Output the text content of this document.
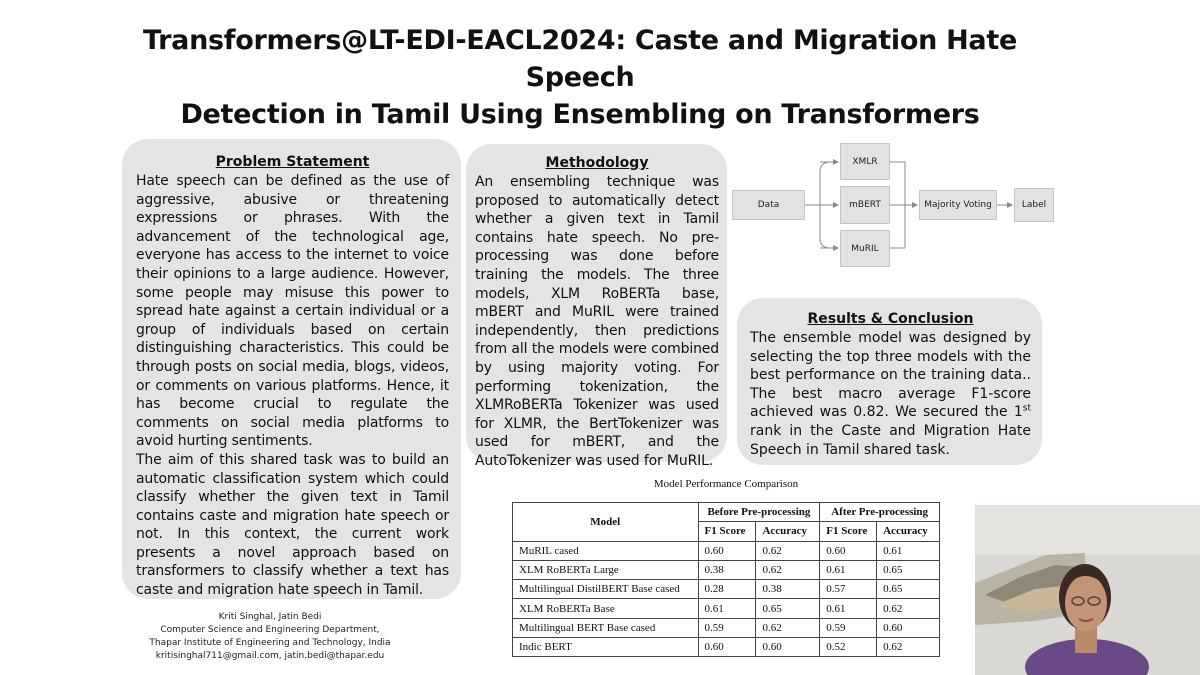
Transformers@LT-EDI-EACL2024: Caste and Migration Hate Speech
Detection in Tamil Using Ensembling on Transformers
Problem Statement

Hate speech can be defined as the use of aggressive, abusive or threatening expressions or phrases. With the advancement of the technological age, everyone has access to the internet to voice their opinions to a large audience. However, some people may misuse this power to spread hate against a certain individual or a group of individuals based on certain distinguishing characteristics. This could be through posts on social media, blogs, videos, or comments on various platforms. Hence, it has become crucial to regulate the comments on social media platforms to avoid hurting sentiments.

The aim of this shared task was to build an automatic classification system which could classify whether the given text in Tamil contains caste and migration hate speech or not. In this context, the current work presents a novel approach based on transformers to classify whether a text has caste and migration hate speech in Tamil.

Methodology
An ensembling technique was proposed to automatically detect whether a given text in Tamil contains hate speech. No pre-processing was done before training the models. The three models, XLM RoBERTa base, mBERT and MuRIL were trained independently, then predictions from all the models were combined by using majority voting. For performing tokenization, the XLMRoBERTa Tokenizer was used for XLMR, the BertTokenizer was used for mBERT, and the AutoTokenizer was used for MuRIL.
Data
XMLR
mBERT
MuRIL
Majority Voting	Label
Results & Conclusion
The ensemble model was designed by selecting the top three models with the best performance on the training data.. The best macro average F1-score achieved was 0.82. We secured the 1st rank in the Caste and Migration Hate Speech in Tamil shared task.
Model Performance Comparison
Model	Before Pre-processing		After Pre-processing	
	F1 Score	Accuracy	F1 Score	Accuracy
MuRIL cased	0.60	0.62	0.60	0.61
XLM RoBERTa Large	0.38	0.62	0.61	0.65
Multilingual DistilBERT Base cased	0.28	0.38	0.57	0.65
XLM RoBERTa Base	0.61	0.65	0.61	0.62
Multilingual BERT Base cased	0.59	0.62	0.59	0.60
Indic BERT	0.60	0.60	0.52	0.62
Kriti Singhal, Jatin Bedi
Computer Science and Engineering Department,
Thapar Institute of Engineering and Technology, India
kritisinghal711@gmail.com, jatin.bedi@thapar.edu
